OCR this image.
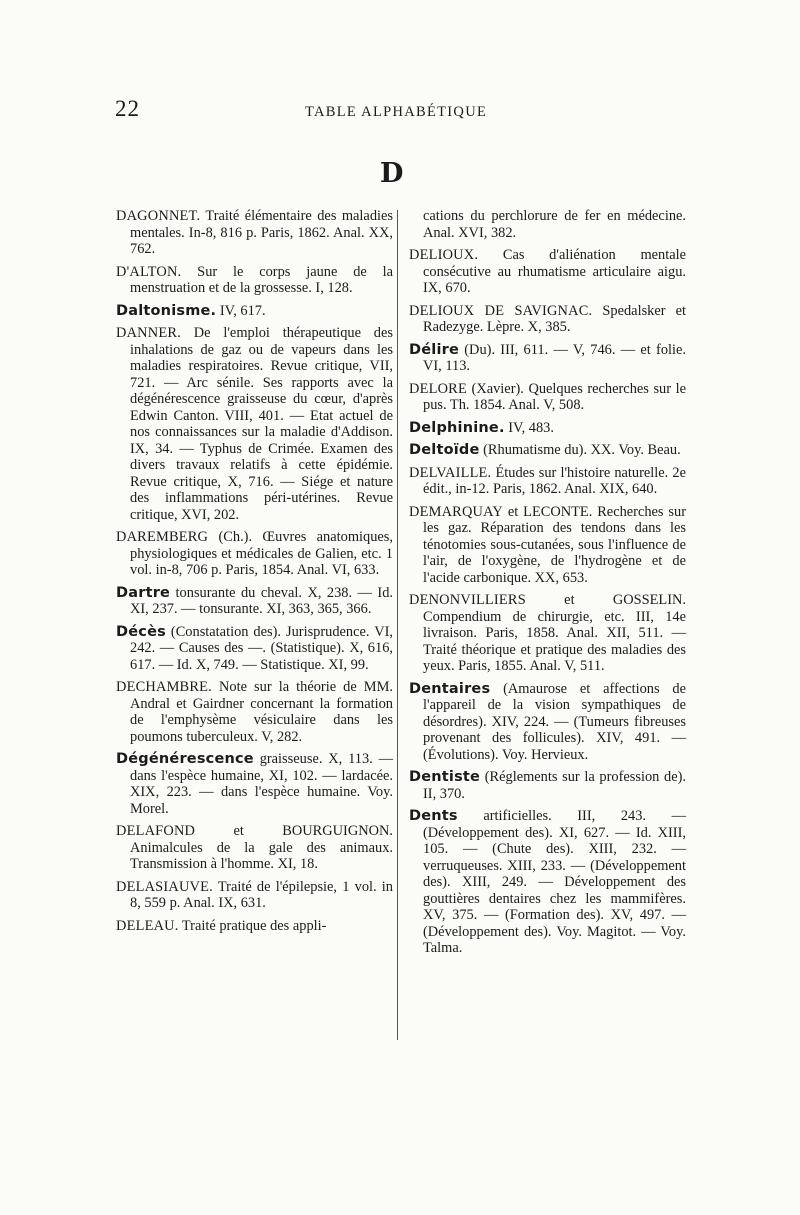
22	TABLE ALPHABÉTIQUE
D

DAGONNET. Traité élémentaire des maladies mentales. In-8, 816 p. Paris, 1862. Anal. XX, 762.

D'ALTON. Sur le corps jaune de la menstruation et de la grossesse. I, 128.

Daltonisme. IV, 617.

DANNER. De l'emploi thérapeutique des inhalations de gaz ou de vapeurs dans les maladies respiratoires. Revue critique, VII, 721. — Arc sénile. Ses rapports avec la dégénérescence graisseuse du cœur, d'après Edwin Canton. VIII, 401. — Etat actuel de nos connaissances sur la maladie d'Addison. IX, 34. — Typhus de Crimée. Examen des divers travaux relatifs à cette épidémie. Revue critique, X, 716. — Siége et nature des inflammations péri-utérines. Revue critique, XVI, 202.

DAREMBERG (Ch.). Œuvres anatomiques, physiologiques et médicales de Galien, etc. 1 vol. in-8, 706 p. Paris, 1854. Anal. VI, 633.

Dartre tonsurante du cheval. X, 238. — Id. XI, 237. — tonsurante. XI, 363, 365, 366.

Décès (Constatation des). Jurisprudence. VI, 242. — Causes des —. (Statistique). X, 616, 617. — Id. X, 749. — Statistique. XI, 99.

DECHAMBRE. Note sur la théorie de MM. Andral et Gairdner concernant la formation de l'emphysème vésiculaire dans les poumons tuberculeux. V, 282.

Dégénérescence graisseuse. X, 113. — dans l'espèce humaine, XI, 102. — lardacée. XIX, 223. — dans l'espèce humaine. Voy. Morel.

DELAFOND et BOURGUIGNON. Animalcules de la gale des animaux. Transmission à l'homme. XI, 18.

DELASIAUVE. Traité de l'épilepsie, 1 vol. in 8, 559 p. Anal. IX, 631.

DELEAU. Traité pratique des appli-

cations du perchlorure de fer en médecine. Anal. XVI, 382.

DELIOUX. Cas d'aliénation mentale consécutive au rhumatisme articulaire aigu. IX, 670.

DELIOUX DE SAVIGNAC. Spedalsker et Radezyge. Lèpre. X, 385.

Délire (Du). III, 611. — V, 746. — et folie. VI, 113.

DELORE (Xavier). Quelques recherches sur le pus. Th. 1854. Anal. V, 508.

Delphinine. IV, 483.

Deltoïde (Rhumatisme du). XX. Voy. Beau.

DELVAILLE. Études sur l'histoire naturelle. 2e édit., in-12. Paris, 1862. Anal. XIX, 640.

DEMARQUAY et LECONTE. Recherches sur les gaz. Réparation des tendons dans les ténotomies sous-cutanées, sous l'influence de l'air, de l'oxygène, de l'hydrogène et de l'acide carbonique. XX, 653.

DENONVILLIERS et GOSSELIN. Compendium de chirurgie, etc. III, 14e livraison. Paris, 1858. Anal. XII, 511. — Traité théorique et pratique des maladies des yeux. Paris, 1855. Anal. V, 511.

Dentaires (Amaurose et affections de l'appareil de la vision sympathiques de désordres). XIV, 224. — (Tumeurs fibreuses provenant des follicules). XIV, 491. — (Évolutions). Voy. Hervieux.

Dentiste (Réglements sur la profession de). II, 370.

Dents artificielles. III, 243. — (Développement des). XI, 627. — Id. XIII, 105. — (Chute des). XIII, 232. — verruqueuses. XIII, 233. — (Développement des). XIII, 249. — Développement des gouttières dentaires chez les mammifères. XV, 375. — (Formation des). XV, 497. — (Développement des). Voy. Magitot. — Voy. Talma.
